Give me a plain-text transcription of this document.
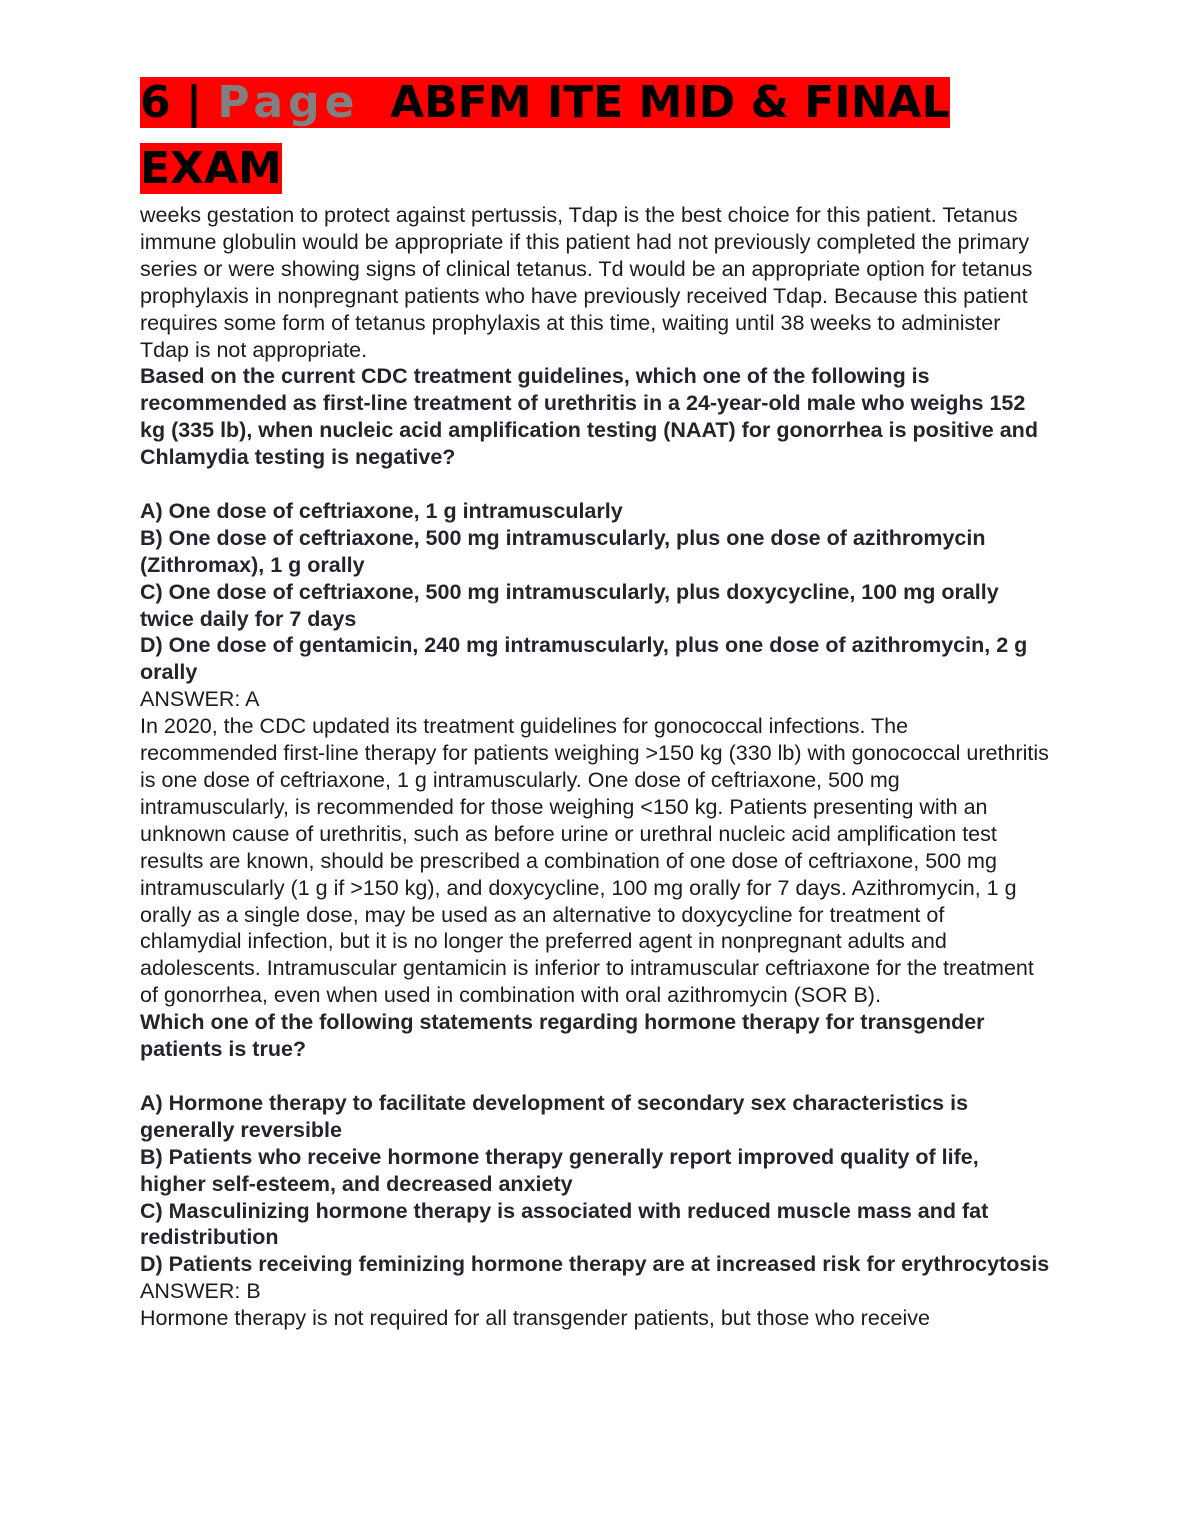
6 | Page ABFM ITE MID & FINAL EXAM

weeks gestation to protect against pertussis, Tdap is the best choice for this patient. Tetanus immune globulin would be appropriate if this patient had not previously completed the primary series or were showing signs of clinical tetanus. Td would be an appropriate option for tetanus prophylaxis in nonpregnant patients who have previously received Tdap. Because this patient requires some form of tetanus prophylaxis at this time, waiting until 38 weeks to administer Tdap is not appropriate.

Based on the current CDC treatment guidelines, which one of the following is recommended as first-line treatment of urethritis in a 24-year-old male who weighs 152 kg (335 lb), when nucleic acid amplification testing (NAAT) for gonorrhea is positive and Chlamydia testing is negative?

A) One dose of ceftriaxone, 1 g intramuscularly

B) One dose of ceftriaxone, 500 mg intramuscularly, plus one dose of azithromycin (Zithromax), 1 g orally

C) One dose of ceftriaxone, 500 mg intramuscularly, plus doxycycline, 100 mg orally twice daily for 7 days

D) One dose of gentamicin, 240 mg intramuscularly, plus one dose of azithromycin, 2 g orally

ANSWER: A

In 2020, the CDC updated its treatment guidelines for gonococcal infections. The recommended first-line therapy for patients weighing >150 kg (330 lb) with gonococcal urethritis is one dose of ceftriaxone, 1 g intramuscularly. One dose of ceftriaxone, 500 mg intramuscularly, is recommended for those weighing <150 kg. Patients presenting with an unknown cause of urethritis, such as before urine or urethral nucleic acid amplification test results are known, should be prescribed a combination of one dose of ceftriaxone, 500 mg intramuscularly (1 g if >150 kg), and doxycycline, 100 mg orally for 7 days. Azithromycin, 1 g orally as a single dose, may be used as an alternative to doxycycline for treatment of chlamydial infection, but it is no longer the preferred agent in nonpregnant adults and adolescents. Intramuscular gentamicin is inferior to intramuscular ceftriaxone for the treatment of gonorrhea, even when used in combination with oral azithromycin (SOR B).

Which one of the following statements regarding hormone therapy for transgender patients is true?

A) Hormone therapy to facilitate development of secondary sex characteristics is generally reversible

B) Patients who receive hormone therapy generally report improved quality of life, higher self-esteem, and decreased anxiety

C) Masculinizing hormone therapy is associated with reduced muscle mass and fat redistribution

D) Patients receiving feminizing hormone therapy are at increased risk for erythrocytosis

ANSWER: B

Hormone therapy is not required for all transgender patients, but those who receive
